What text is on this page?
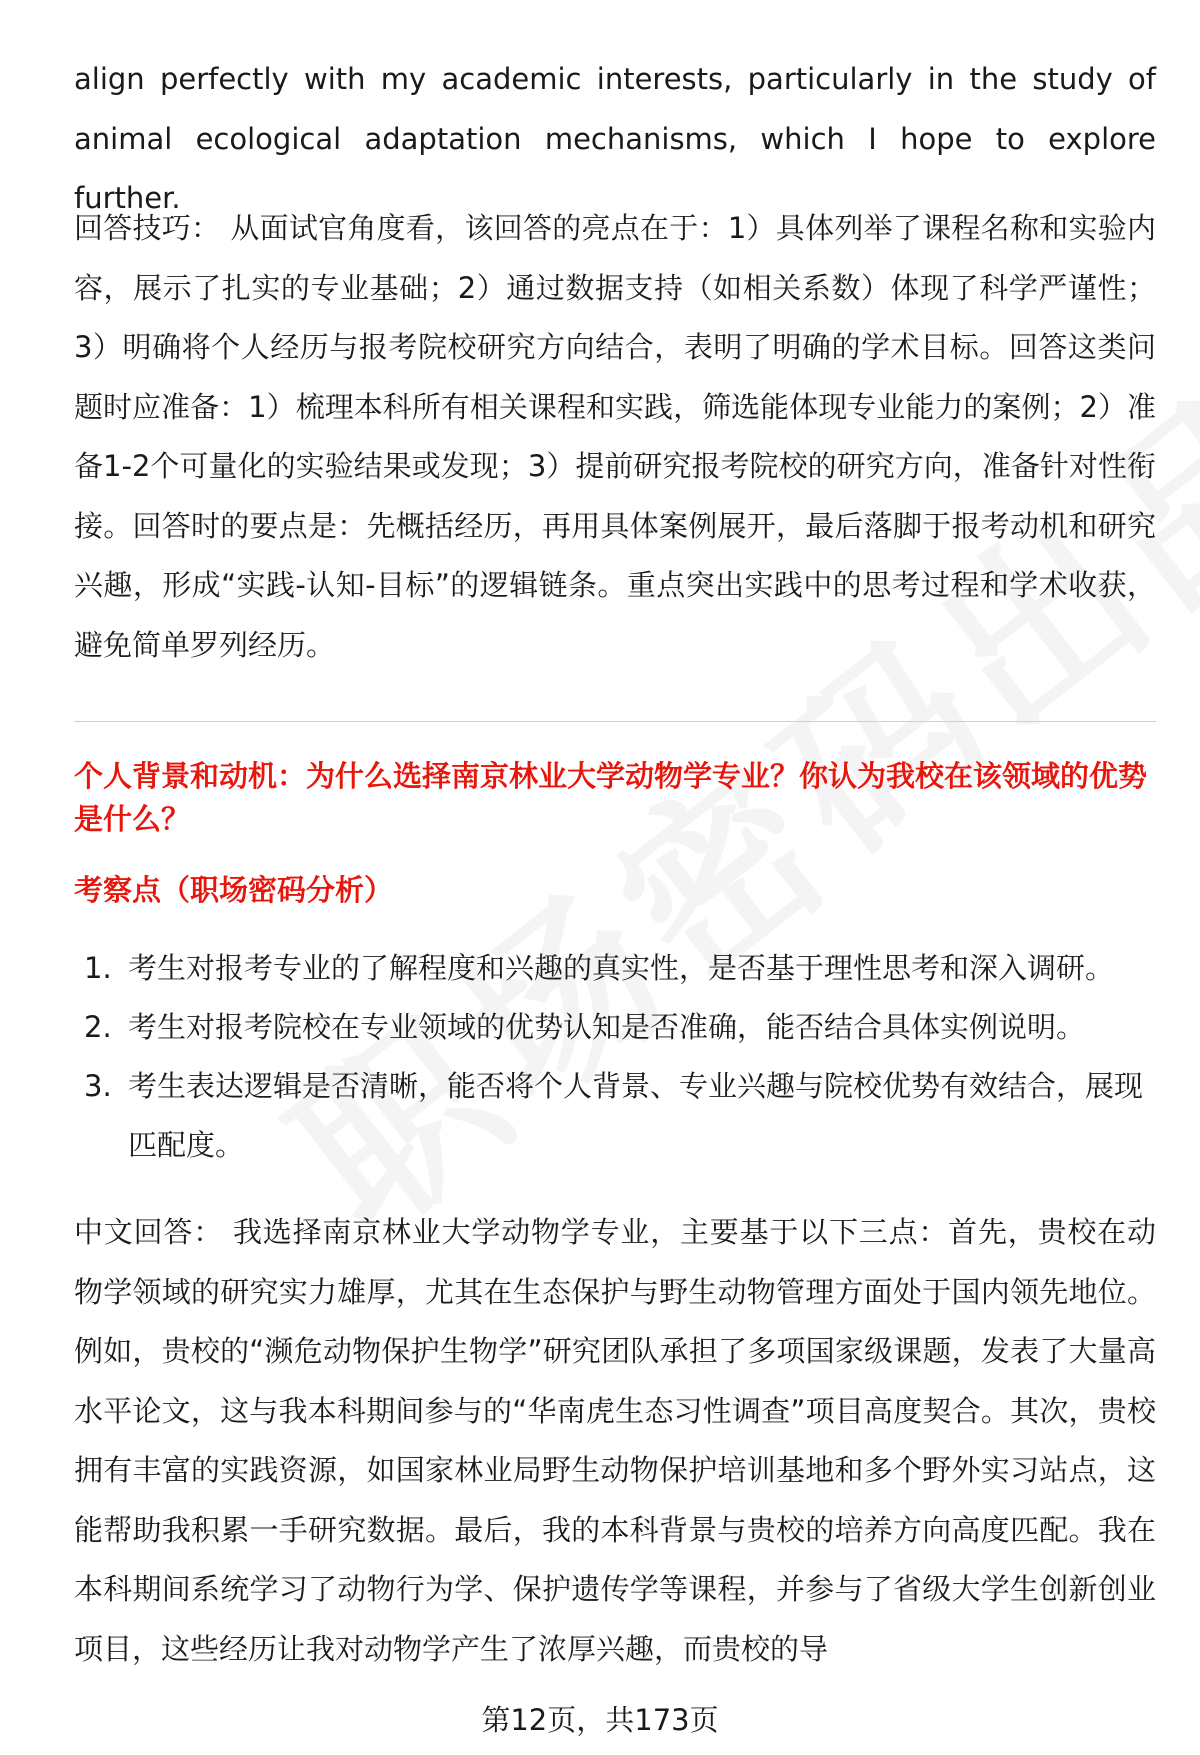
align perfectly with my academic interests, particularly in the study of animal ecological adaptation mechanisms, which I hope to explore further.

回答技巧： 从面试官角度看，该回答的亮点在于：1）具体列举了课程名称和实验内容，展示了扎实的专业基础；2）通过数据支持（如相关系数）体现了科学严谨性；3）明确将个人经历与报考院校研究方向结合，表明了明确的学术目标。回答这类问题时应准备：1）梳理本科所有相关课程和实践，筛选能体现专业能力的案例；2）准备1-2个可量化的实验结果或发现；3）提前研究报考院校的研究方向，准备针对性衔接。回答时的要点是：先概括经历，再用具体案例展开，最后落脚于报考动机和研究兴趣，形成“实践-认知-目标”的逻辑链条。重点突出实践中的思考过程和学术收获，避免简单罗列经历。

个人背景和动机：为什么选择南京林业大学动物学专业？你认为我校在该领域的优势是什么？

考察点（职场密码分析）

1. 考生对报考专业的了解程度和兴趣的真实性，是否基于理性思考和深入调研。
2. 考生对报考院校在专业领域的优势认知是否准确，能否结合具体实例说明。
3. 考生表达逻辑是否清晰，能否将个人背景、专业兴趣与院校优势有效结合，展现匹配度。

中文回答： 我选择南京林业大学动物学专业，主要基于以下三点：首先，贵校在动物学领域的研究实力雄厚，尤其在生态保护与野生动物管理方面处于国内领先地位。例如，贵校的“濒危动物保护生物学”研究团队承担了多项国家级课题，发表了大量高水平论文，这与我本科期间参与的“华南虎生态习性调查”项目高度契合。其次，贵校拥有丰富的实践资源，如国家林业局野生动物保护培训基地和多个野外实习站点，这能帮助我积累一手研究数据。最后，我的本科背景与贵校的培养方向高度匹配。我在本科期间系统学习了动物行为学、保护遗传学等课程，并参与了省级大学生创新创业项目，这些经历让我对动物学产生了浓厚兴趣，而贵校的导

第12页，共173页
